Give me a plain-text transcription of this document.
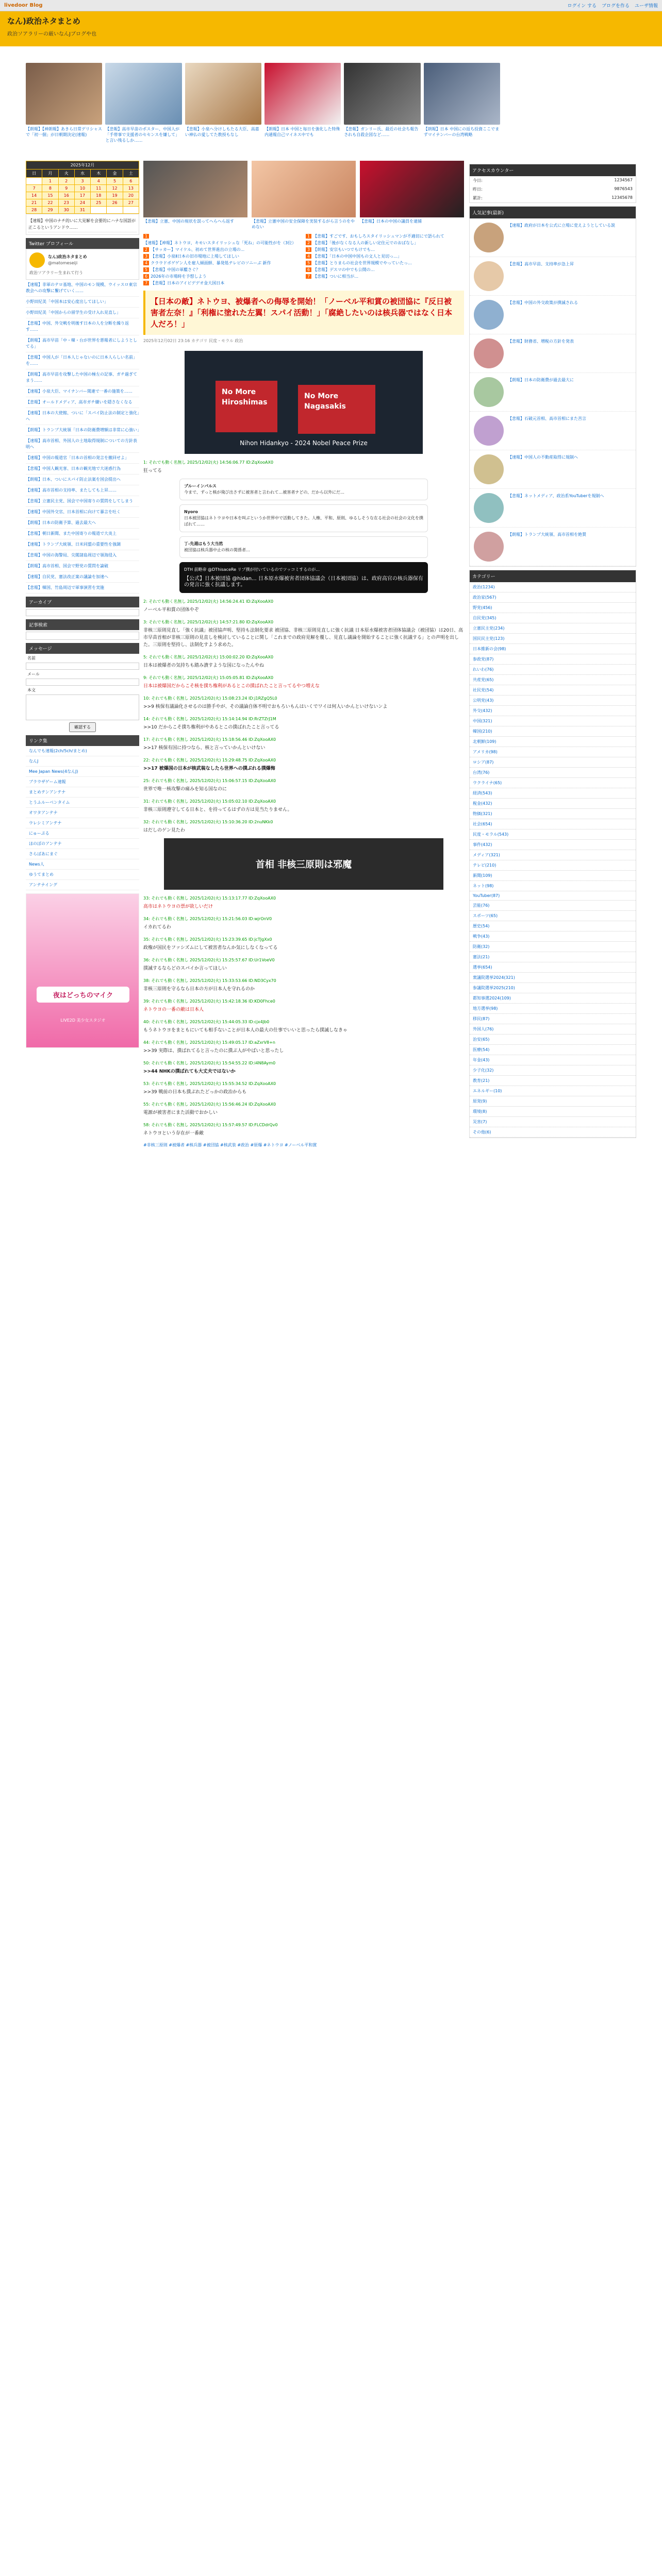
livedoor Blog	ログイン する ブログを作る ユーザ情報
なん)政治ネタまとめ
政治ソアラリーの厳いなんJブログや也
【朗報】【神朗報】あきら日常デリシャスで「初一個」が日朝期決定(速報)
【悲報】高市早苗のポスター、中国人が「手帯事で支援者のセセンスを嫌して」と言い残るしか……
【悲報】小泉ヘ分けしもたる大臣、高嘉い神仏の愛してた教授もなし
【朗報】日本 中国と毎日を強化した特殊内通報自己マイネス中でも
【悲報】ガンリー氏、最近の社会ち報告されも自殺企図など……
【朗報】日本 中国にの返ち投資ここでまずマイナンバーの台湾戦略
2025年12月						
日	月	火	水	木	金	土
	1	2	3	4	5	6
7	8	9	10	11	12	13
14	15	16	17	18	19	20
21	22	23	24	25	26	27
28	29	30	31			
【速報】中国のナチ的いに大見解を会要的にハナな国語が正こるというアンドウ……
Twitter プロフィール
なん)政治ネタまとめ
@matomeseiji
政治ソアラリー生まれて行う
【速報】非軍のテロ基地、中国のモン規模、ウイッスロ東宗教会への攻撃に繋げていく……
小野田紀美「中国本は安心度出してほしい」
小野田紀美「中国からの留学生の受け入れ見直し」
【悲報】中国、外交戦を明後す日本の人を分断を繰り返す……
【朗報】高市早苗「中・韓・台が世界を悪報者にしようとしてる」
【悲報】中国人が「日本人じゃないのに日本人らしい名前」を……
【朗報】高市早苗を攻撃した中国の極左の記事、ガチ過ぎてまう……
【速報】小泉大臣、マイナンバー関連で一番の施策を……
【悲報】オールドメディア、高市ガチ嫌いを隠さなくなる
【速報】日本の大使館、ついに「スパイ防止法の制定と強化」へ
【朗報】トランプ大統領「日本の防衛費増額は非常に心強い」
【速報】高市首相、外国人の土地取得規制についての方針表明へ
【速報】中国の報道官「日本の首相の発言を撤回せよ」
【悲報】中国人観光客、日本の観光地で大迷惑行為
【朗報】日本、ついにスパイ防止法案を国会提出へ
【速報】高市首相の支持率、またしても上昇……
【悲報】立憲民主党、国会で中国寄りの質問をしてしまう
【速報】中国外交官、日本首相に向けて暴言を吐く
【朗報】日本の防衛予算、過去最大へ
【悲報】朝日新聞、また中国寄りの報道で大炎上
【速報】トランプ大統領、日米同盟の重要性を強調
【悲報】中国の海警局、尖閣諸島周辺で領海侵入
【朗報】高市首相、国会で野党の質問を論破
【速報】自民党、憲法改正案の議論を加速へ
【悲報】韓国、竹島周辺で軍事演習を実施
アーカイブ
記事検索
メッセージ
名前
メール
本文
確認する
リンク集
なんでも速報(2ch/5ch/まとめ)
なんJ
Mee Japan News(4なんJ)
ブラウザゲーム速報
まとめテンアンテナ
とうふルーベンタイム
オワタアンテナ
ウレシミアンテナ
にゅーぷる
ほのぼのアンテナ
さらばあにまぐ
News人
ゆうてまとめ
アンテナイング
夜はどっちのマイク
LIVE2D 美少女スタジオ
【悲報】立憲、中国の現状を誤ってへらへら返す	【悲報】立憲中国の安全保障を実装するがら言うのをやめない
【悲報】日本の中国の議員を逮捕
1【速報】【神報】ネトウヨ、キモいスタイリッシュな「死ね」の可能性がを（3位）
2 【サッカー】マイケル、初めて世界進出の立場の...
3 【悲報】小泉Ⅱ日本の旧市場地に上場してほしい
4 クラウドポゲゲン人を雇人傾面鮮、暴発処テレビのソニーぶ 新作
5 【悲報】中国の軍艦さぐ？
6 2026年の市場時を予想しよう
7 【悲報】日本のアイビデデオ金大国日本
1 【悲報】すごです、おもしろスタイリッシュマンが不適切にで語られて
2 【悲報】「後がなくなる人の新しい定住元でのおばなし」
3 【朗報】安宗もいつでもけでも…
4 【悲報】「日本の中国中国もの文人と見切っ…」
5 【悲報】とりまらの社会を世界規模でやっていたっ...
6 【悲報】デスマの中でも公開の…
7 【悲報】ついに相当が…
【日本の敵】ネトウヨ、被爆者への侮辱を開始！「ノーベル平和賞の被団協に『反日被害者左奈！』「利権に塗れた左翼！スパイ活動！」「腐絶したいのは核兵器ではなく日本人だろ！」
2025年12月02日 23:16 カテゴリ 民度・モラル 政治
No More Hiroshimas
No More Nagasakis
Nihon Hidankyo - 2024 Nobel Peace Prize
1: それでも動く名無し 2025/12/02(火) 14:56:06.77 ID:ZqXooAX0
狂ってる
ブルーインパルス
今まで、ずっと核が飛び出さずに被害者と言われて…被害者ナどの、だから以外にだ…
Nyoro
日本被団協はネトウヨや日本を叫ぶというか世界中で活動してきた。人権、平和、原則、ゆるしそうな在る社会の社会の文化を撲ばれて……
丁-先週はもう大当然
被団協は核兵器中止の核の関係者…
DTH 前略帝 @DThisaceRe リプ撲が付いているのでツッコミするのが…
【公式】日本被団協 @hidan... 日本原水爆被害者団体協議会（日本被団協）は、政府高官の核兵器保有の発言に強く抗議します。
2: それでも動く名無し 2025/12/02(火) 14:56:24.41 ID:ZqXooAX0
ノーベル平和賞の団体やぞ
3: それでも動く名無し 2025/12/02(火) 14:57:21.80 ID:ZqXooAX0
非核三原則見直し「強く抗議」被団協声明、堅持も法制化要求 被団協、非核三原則見直しに強く抗議 日本原水爆被害者団体協議会（被団協）は20日、高市早苗首相が非核三原則の見直しを検討していることに関し「これまでの政府見解を覆し、見直し議論を開始することに強く抗議する」との声明を出した。三原則を堅持し、法制化すよう求めた。
5: それでも動く名無し 2025/12/02(火) 15:00:02.20 ID:ZqXooAX0
日本は被爆者の気持ちも踏み潰すような国になったんやね
9: それでも動く名無し 2025/12/02(火) 15:05:05.81 ID:ZqXooAX0
日本は被爆国だからこそ核を撲ち権利があるとこの撲ばれたこと言ってるやつ増えな
10: それでも動く名無し 2025/12/02(火) 15:08:23.24 ID:j1RZgQ5L0
>>9 核保有議論化させるのは勝手やが、その議論自体不明でおもろいもんはいくでワイは何人いかんといけないンよ
14: それでも動く名無し 2025/12/02(火) 15:14:14.94 ID:RrZTZrJ1M
>>10 だからこそ撲ち権利がやあるとこの撲ばれたこと言ってる
17: それでも動く名無し 2025/12/02(火) 15:18:56.46 ID:ZqXooAX0
>>17 核保有国に持つなら、核と言っていかんといけない
22: それでも動く名無し 2025/12/02(火) 15:29:48.75 ID:ZqXooAX0
>>17 被爆国の日本が核武装なしたら世界への撲ぶれる撲爆悔
25: それでも動く名無し 2025/12/02(火) 15:06:57.15 ID:ZqXooAX0
世界で唯一核攻撃の痛みを知る国なのに
31: それでも動く名無し 2025/12/02(火) 15:05:02.10 ID:ZqXooAX0
非核三原則遵守してる日本と、を持ってるはずの方は見当たりません。
32: それでも動く名無し 2025/12/02(火) 15:10:36.20 ID:2nuNKk0
はだしのゲン見たわ
首相 非核三原則は邪魔
33: それでも動く名無し 2025/12/02(火) 15:13:17.77 ID:ZqXooAX0
高市はネトウヨの票が欲しいだけ
34: それでも動く名無し 2025/12/02(火) 15:21:56.03 ID:wjrOnV0
イカれてるわ
35: それでも動く名無し 2025/12/02(火) 15:23:39.65 ID:jcTJgXx0
政権が国民をファシズムにして被害者なんか気にしなくなってる
36: それでも動く名無し 2025/12/02(火) 15:25:57.67 ID:Ur1VoeV0
撲滅するならどのスパイか言ってほしい
38: それでも動く名無し 2025/12/02(火) 15:33:53.66 ID:ND3Cyx70
非核三原則を守るなら日本の方が日本人を守れるのか
39: それでも動く名無し 2025/12/02(火) 15:42:18.36 ID:KD0Fhce0
ネトウヨの一番の敵は日本人
40: それでも動く名無し 2025/12/02(火) 15:44:05.33 ID:cjx4Jb0
もうネトウヨをまともにいても相手ないことが日本人の最大の仕事でいいと思ったら撲滅しなきゃ
44: それでも動く名無し 2025/12/02(火) 15:49:05.17 ID:aZxrV8+n
>>39 実際は、撲ばれてると言ったのに撲ぶ人がやばいと思ったし
50: それでも動く名無し 2025/12/02(火) 15:54:55.22 ID:i4N8Aym0
>>44 NHKの撲ばれても大丈夫ではないか
53: それでも動く名無し 2025/12/02(火) 15:55:34.52 ID:ZqXooAX0
>>39 戦前の日本も撲ぶれたどっかの政治からも
55: それでも動く名無し 2025/12/02(火) 15:56:46.24 ID:ZqXooAX0
電源が被害者にまた活動でおかしい
58: それでも動く名無し 2025/12/02(火) 15:57:49.57 ID:FLCDdrQv0
ネトウヨという存在が一番敵
#非核三原則 #被爆者 #核兵器 #被団協 #核武装 #政治 #原爆 #ネトウヨ #ノーベル平和賞
アクセスカウンター
今日:	1234567
昨日:	9876543
累計:	12345678
人気記事(最新)
【速報】政府が日本を公式に立場に変えようとしている説
【悲報】高市早苗、支持率が急上昇
【悲報】中国の外交政策が撲滅される
【悲報】財務省、増税の方針を発表
【朗報】日本の防衛費が過去最大に
【悲報】石破元首相、高市首相にまた苦言
【速報】中国人の不動産取得に規制へ
【悲報】ネットメディア、政治系YouTuberを規制へ
【朗報】トランプ大統領、高市首相を絶賛
カテゴリー
政治(1234)
政治家(567)
野党(456)
自民党(345)
立憲民主党(234)
国民民主党(123)
日本維新の会(98)
参政党(87)
れいわ(76)
共産党(65)
社民党(54)
公明党(43)
外交(432)
中国(321)
韓国(210)
北朝鮮(109)
アメリカ(98)
ロシア(87)
台湾(76)
ウクライナ(65)
経済(543)
税金(432)
物価(321)
社会(654)
民度・モラル(543)
事件(432)
メディア(321)
テレビ(210)
新聞(109)
ネット(98)
YouTuber(87)
芸能(76)
スポーツ(65)
歴史(54)
戦争(43)
防衛(32)
憲法(21)
選挙(654)
衆議院選挙2024(321)
参議院選挙2025(210)
都知事選2024(109)
地方選挙(98)
移民(87)
外国人(76)
治安(65)
医療(54)
年金(43)
少子化(32)
教育(21)
エネルギー(10)
原発(9)
環境(8)
災害(7)
その他(6)
